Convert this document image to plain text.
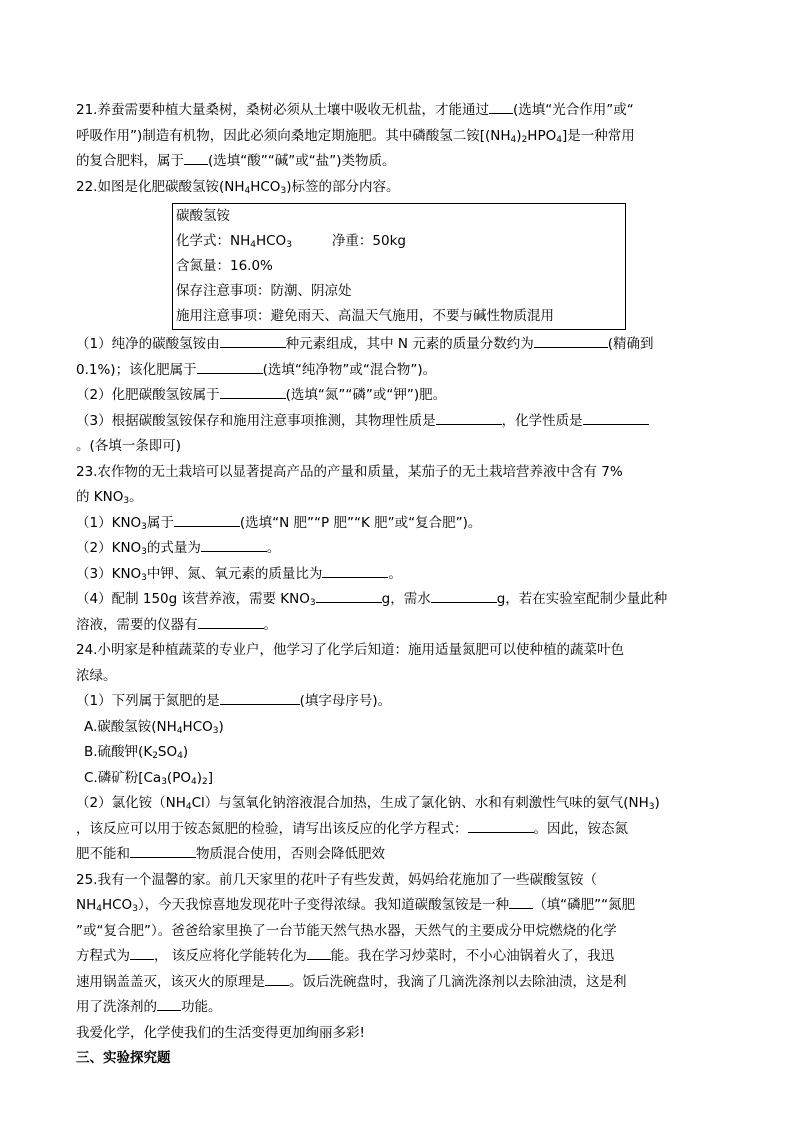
21.养蚕需要种植大量桑树，桑树必须从土壤中吸收无机盐，才能通过 (选填“光合作用”或“

呼吸作用”)制造有机物，因此必须向桑地定期施肥。其中磷酸氢二铵$[(NH_4)_2HPO_4]$是一种常用

的复合肥料，属于 (选填“酸”“碱”或“盐”)类物质。

22.如图是化肥碳酸氢铵$(NH_4HCO_3)$标签的部分内容。

碳酸氢铵
化学式：$NH_4HCO_3$	净重：50kg
含氮量：16.0%
保存注意事项：防潮、阴凉处
施用注意事项：避免雨天、高温天气施用，不要与碱性物质混用

（1）纯净的碳酸氢铵由	种元素组成，其中 N 元素的质量分数约为	(精确到

0.1%)；该化肥属于	(选填“纯净物”或“混合物”)。

（2）化肥碳酸氢铵属于	(选填“氮”“磷”或“钾”)肥。

（3）根据碳酸氢铵保存和施用注意事项推测，其物理性质是	，化学性质是

。(各填一条即可)

23.农作物的无土栽培可以显著提高产品的产量和质量，某茄子的无土栽培营养液中含有 7%

的 $KNO_3$。

$(1)KNO_3$属于	(选填“N 肥”“P 肥”“K 肥”或“复合肥”)。

$(2)KNO_3$的式量为	。

$(3)KNO_3$中钾、氮、氧元素的质量比为	。

（4）配制 150g 该营养液，需要 $KNO_3$	g，需水	g，若在实验室配制少量此种

溶液，需要的仪器有	。

24.小明家是种植蔬菜的专业户，他学习了化学后知道：施用适量氮肥可以使种植的蔬菜叶色

浓绿。

（1）下列属于氮肥的是	(填字母序号)。

A.碳酸氢铵$(NH_4HCO_3)$

B.硫酸钾$(K_2SO_4)$

C.磷矿粉$[Ca_3(PO_4)_2]$

（2）氯化铵$(NH_4Cl)$与氢氧化钠溶液混合加热，生成了氯化钠、水和有刺激性气味的氨气$(NH_3)$

，该反应可以用于铵态氮肥的检验，请写出该反应的化学方程式：	。因此，铵态氮

肥不能和	物质混合使用，否则会降低肥效

25.我有一个温馨的家。前几天家里的花叶子有些发黄，妈妈给花施加了一些碳酸氢铵（

$NH_4HCO_3$），今天我惊喜地发现花叶子变得浓绿。我知道碳酸氢铵是一种 （填“磷肥”“氮肥

”或“复合肥”）。爸爸给家里换了一台节能天然气热水器，天然气的主要成分甲烷燃烧的化学

方程式为 ， 该反应将化学能转化为 能。我在学习炒菜时，不小心油锅着火了，我迅

速用锅盖盖灭，该灭火的原理是 。饭后洗碗盘时，我滴了几滴洗涤剂以去除油渍，这是利

用了洗涤剂的 功能。

我爱化学，化学使我们的生活变得更加绚丽多彩!

三、实验探究题
